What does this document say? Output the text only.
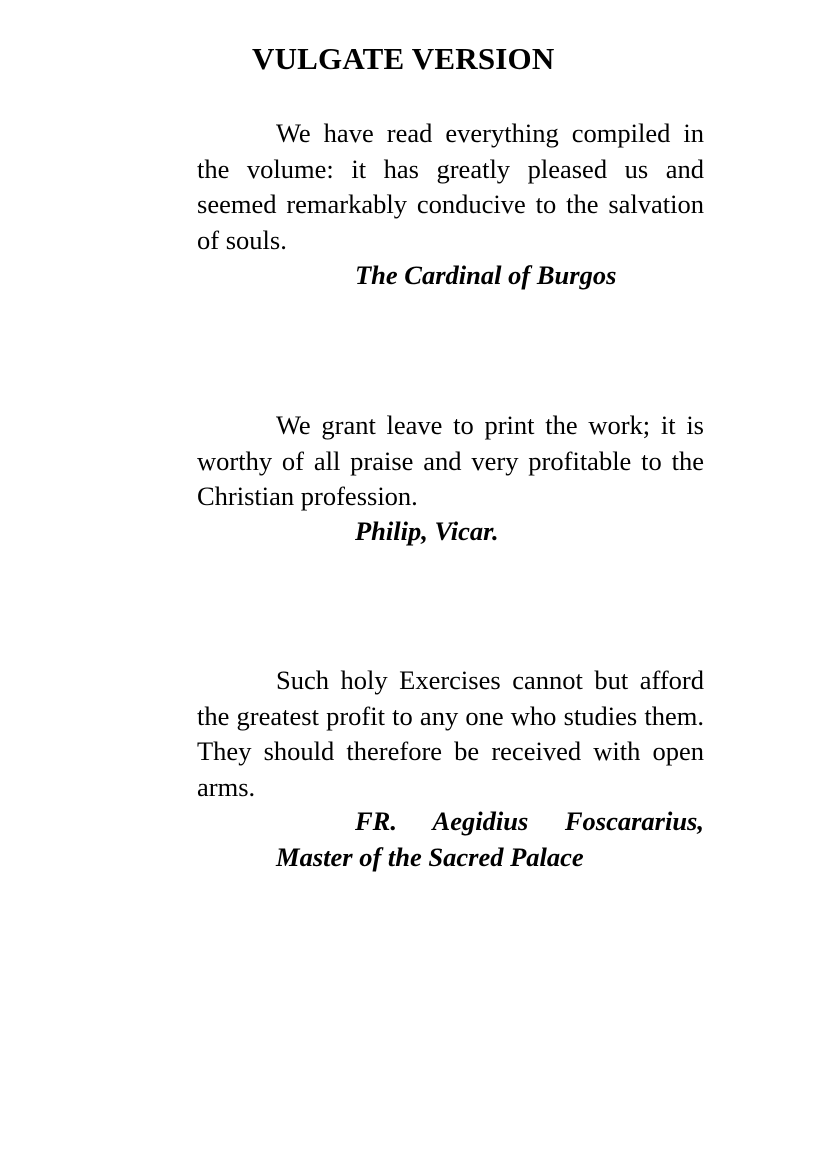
VULGATE VERSION

We have read everything compiled in the volume: it has greatly pleased us and seemed remarkably conducive to the salvation of souls.

The Cardinal of Burgos

We grant leave to print the work; it is worthy of all praise and very profitable to the Christian profession.

Philip, Vicar.

Such holy Exercises cannot but afford the greatest profit to any one who studies them. They should therefore be received with open arms.

FR. Aegidius Foscararius,

Master of the Sacred Palace
